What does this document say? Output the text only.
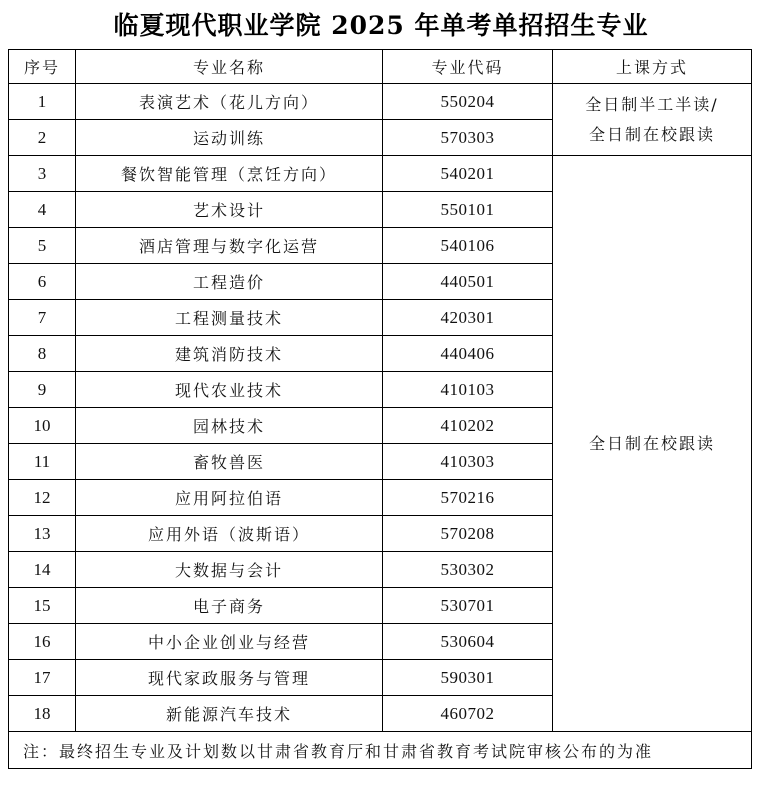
临夏现代职业学院 2025 年单考单招招生专业
序号	专业名称	专业代码	上课方式
1	表演艺术（花儿方向）	550204	全日制半工半读/
全日制在校跟读

2	运动训练	570303	
3	餐饮智能管理（烹饪方向）	540201	全日制在校跟读
4	艺术设计	550101	
5	酒店管理与数字化运营	540106	
6	工程造价	440501	
7	工程测量技术	420301	
8	建筑消防技术	440406	
9	现代农业技术	410103	
10	园林技术	410202	
11	畜牧兽医	410303	
12	应用阿拉伯语	570216	
13	应用外语（波斯语）	570208	
14	大数据与会计	530302	
15	电子商务	530701	
16	中小企业创业与经营	530604	
17	现代家政服务与管理	590301	
18	新能源汽车技术	460702	
注：最终招生专业及计划数以甘肃省教育厅和甘肃省教育考试院审核公布的为准			
